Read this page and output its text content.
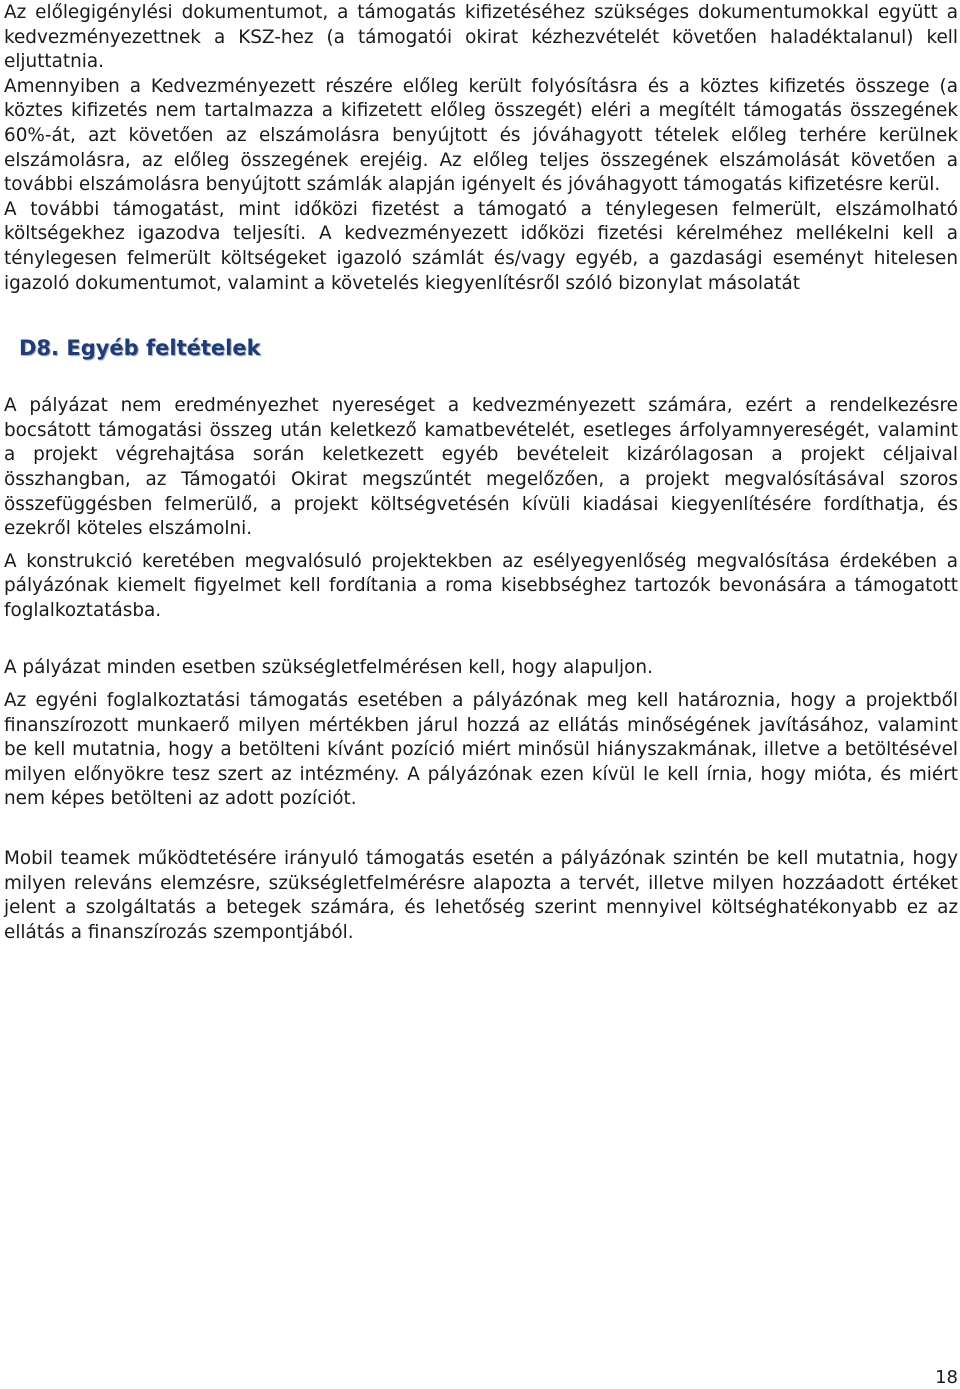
Az előlegigénylési dokumentumot, a támogatás kifizetéséhez szükséges dokumentumokkal együtt a kedvezményezettnek a KSZ-hez (a támogatói okirat kézhezvételét követően haladéktalanul) kell eljuttatnia.

Amennyiben a Kedvezményezett részére előleg került folyósításra és a köztes kifizetés összege (a köztes kifizetés nem tartalmazza a kifizetett előleg összegét) eléri a megítélt támogatás összegének 60%-át, azt követően az elszámolásra benyújtott és jóváhagyott tételek előleg terhére kerülnek elszámolásra, az előleg összegének erejéig. Az előleg teljes összegének elszámolását követően a további elszámolásra benyújtott számlák alapján igényelt és jóváhagyott támogatás kifizetésre kerül.

A további támogatást, mint időközi fizetést a támogató a ténylegesen felmerült, elszámolható költségekhez igazodva teljesíti. A kedvezményezett időközi fizetési kérelméhez mellékelni kell a ténylegesen felmerült költségeket igazoló számlát és/vagy egyéb, a gazdasági eseményt hitelesen igazoló dokumentumot, valamint a követelés kiegyenlítésről szóló bizonylat másolatát

D8. Egyéb feltételek

A pályázat nem eredményezhet nyereséget a kedvezményezett számára, ezért a rendelkezésre bocsátott támogatási összeg után keletkező kamatbevételét, esetleges árfolyamnyereségét, valamint a projekt végrehajtása során keletkezett egyéb bevételeit kizárólagosan a projekt céljaival összhangban, az Támogatói Okirat megszűntét megelőzően, a projekt megvalósításával szoros összefüggésben felmerülő, a projekt költségvetésén kívüli kiadásai kiegyenlítésére fordíthatja, és ezekről köteles elszámolni.

A konstrukció keretében megvalósuló projektekben az esélyegyenlőség megvalósítása érdekében a pályázónak kiemelt figyelmet kell fordítania a roma kisebbséghez tartozók bevonására a támogatott foglalkoztatásba.

A pályázat minden esetben szükségletfelmérésen kell, hogy alapuljon.

Az egyéni foglalkoztatási támogatás esetében a pályázónak meg kell határoznia, hogy a projektből finanszírozott munkaerő milyen mértékben járul hozzá az ellátás minőségének javításához, valamint be kell mutatnia, hogy a betölteni kívánt pozíció miért minősül hiányszakmának, illetve a betöltésével milyen előnyökre tesz szert az intézmény. A pályázónak ezen kívül le kell írnia, hogy mióta, és miért nem képes betölteni az adott pozíciót.

Mobil teamek működtetésére irányuló támogatás esetén a pályázónak szintén be kell mutatnia, hogy milyen releváns elemzésre, szükségletfelmérésre alapozta a tervét, illetve milyen hozzáadott értéket jelent a szolgáltatás a betegek számára, és lehetőség szerint mennyivel költséghatékonyabb ez az ellátás a finanszírozás szempontjából.

18
